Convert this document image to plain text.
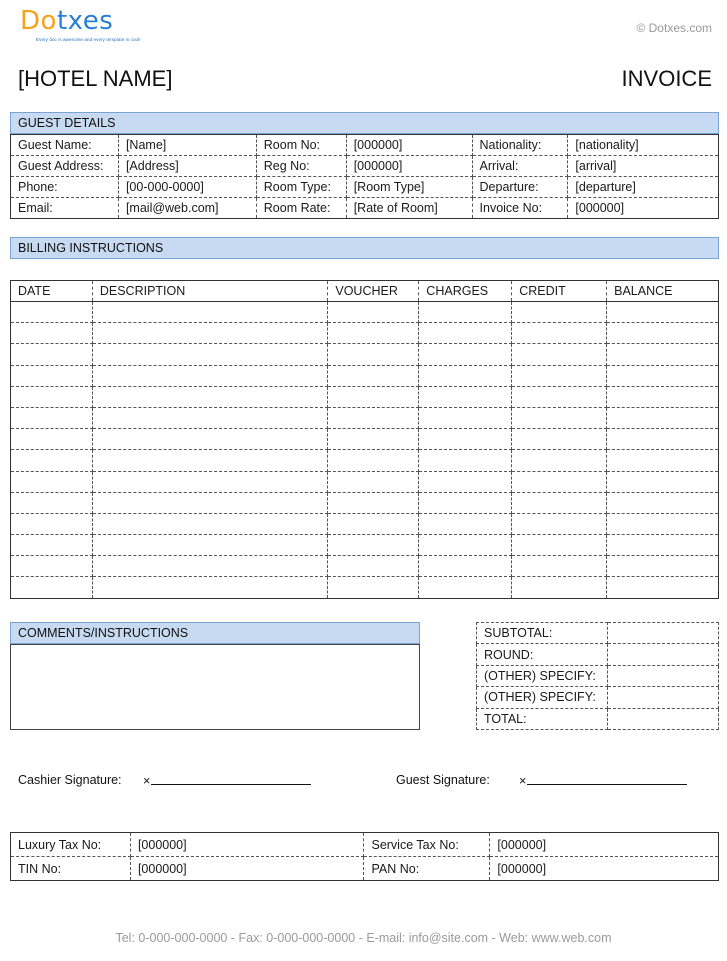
Dotxes
Every doc is awesome and every template is cool!
© Dotxes.com
[HOTEL NAME]	INVOICE
GUEST DETAILS
Guest Name:	[Name]	Room No:	[000000]	Nationality:	[nationality]
Guest Address:	[Address]	Reg No:	[000000]	Arrival:	[arrival]
Phone:	[00-000-0000]	Room Type:	[Room Type]	Departure:	[departure]
Email:	[mail@web.com]	Room Rate:	[Rate of Room]	Invoice No:	[000000]
BILLING INSTRUCTIONS
DATE	DESCRIPTION	VOUCHER	CHARGES	CREDIT	BALANCE

COMMENTS/INSTRUCTIONS	SUBTOTAL:	
ROUND:	
(OTHER) SPECIFY:	
(OTHER) SPECIFY:	
TOTAL:	
Cashier Signature: ×	Guest Signature: ×
Luxury Tax No:	[000000]	Service Tax No:	[000000]
TIN No:	[000000]	PAN No:	[000000]
Tel: 0-000-000-0000 - Fax: 0-000-000-0000 - E-mail: info@site.com - Web: www.web.com
